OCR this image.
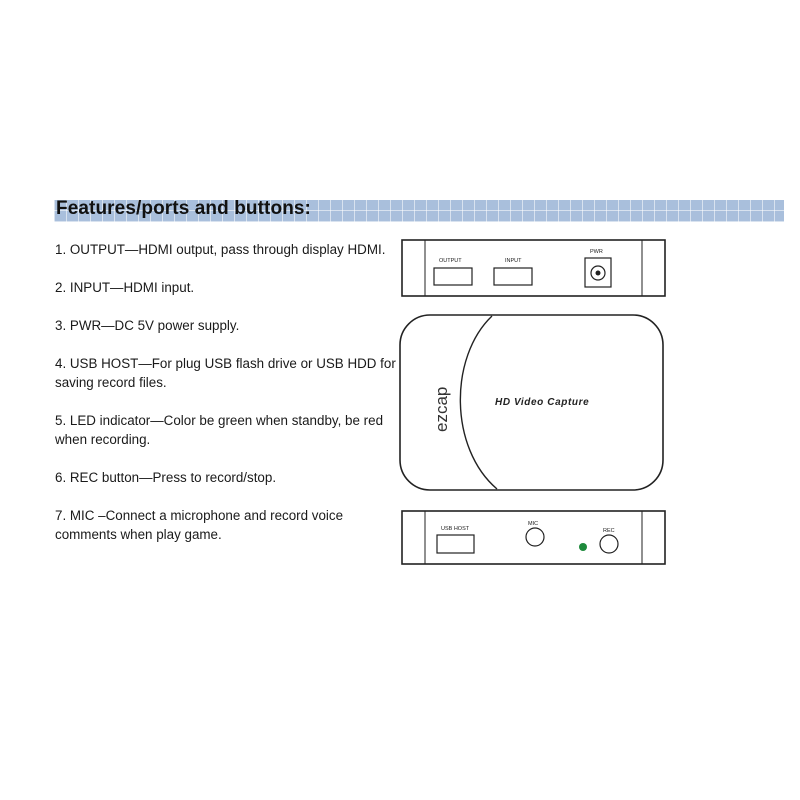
Features/ports and buttons:
1. OUTPUT—HDMI output, pass through display HDMI.
2. INPUT—HDMI input.
3. PWR—DC 5V power supply.
4. USB HOST—For plug USB flash drive or USB HDD for saving record files.
5. LED indicator—Color be green when standby, be red when recording.
6. REC button—Press to record/stop.
7. MIC –Connect a microphone and record voice comments when play game.
OUTPUT	INPUT
PWR
ezcap	HD Video Capture
USB HOST
MIC
REC
